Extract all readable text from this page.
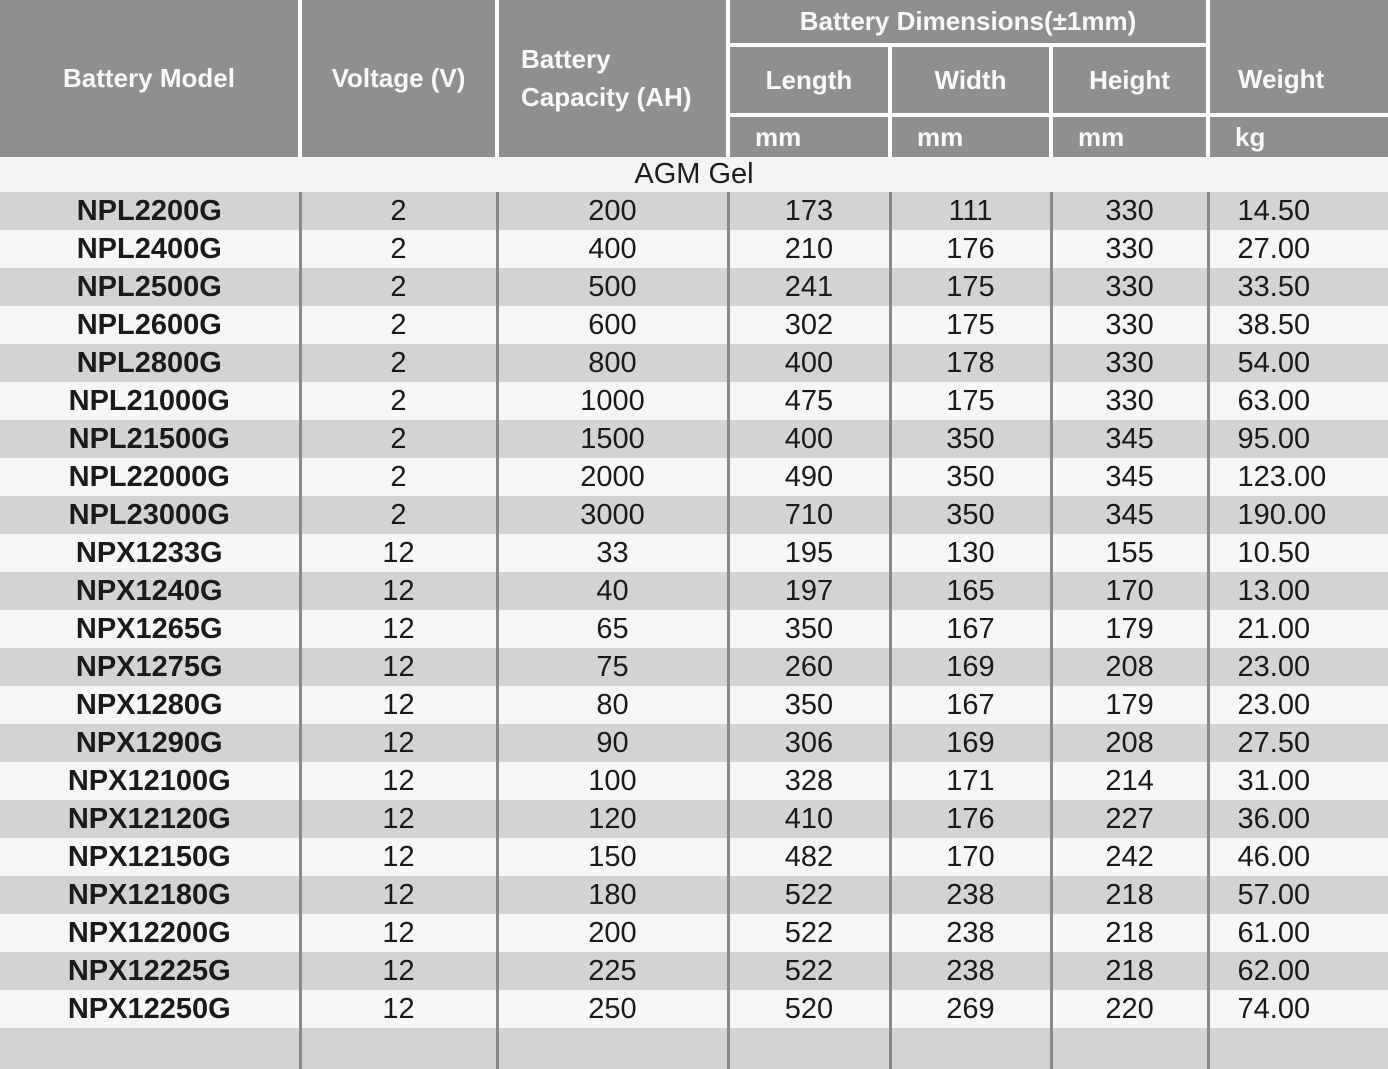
Battery Model	Voltage (V)	Battery Capacity (AH)	Battery Dimensions(±1mm)			Weight
			Length	Width	Height	
			mm	mm	mm	kg
AGM Gel						
NPL2200G	2	200	173	111	330	14.50
NPL2400G	2	400	210	176	330	27.00
NPL2500G	2	500	241	175	330	33.50
NPL2600G	2	600	302	175	330	38.50
NPL2800G	2	800	400	178	330	54.00
NPL21000G	2	1000	475	175	330	63.00
NPL21500G	2	1500	400	350	345	95.00
NPL22000G	2	2000	490	350	345	123.00
NPL23000G	2	3000	710	350	345	190.00
NPX1233G	12	33	195	130	155	10.50
NPX1240G	12	40	197	165	170	13.00
NPX1265G	12	65	350	167	179	21.00
NPX1275G	12	75	260	169	208	23.00
NPX1280G	12	80	350	167	179	23.00
NPX1290G	12	90	306	169	208	27.50
NPX12100G	12	100	328	171	214	31.00
NPX12120G	12	120	410	176	227	36.00
NPX12150G	12	150	482	170	242	46.00
NPX12180G	12	180	522	238	218	57.00
NPX12200G	12	200	522	238	218	61.00
NPX12225G	12	225	522	238	218	62.00
NPX12250G	12	250	520	269	220	74.00
